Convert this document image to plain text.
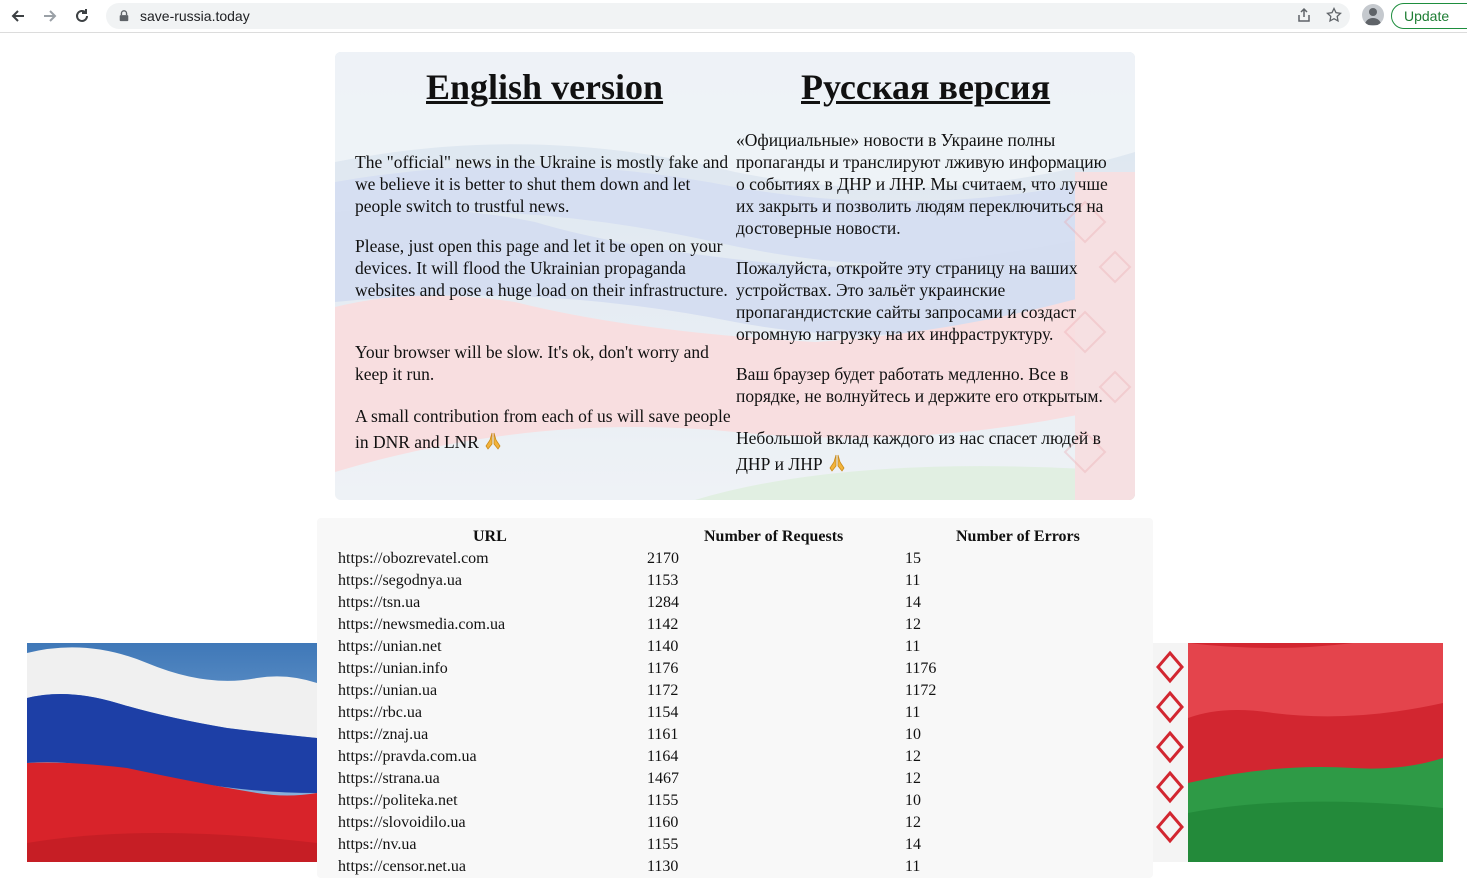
save-russia.today	Update
English version

The "official" news in the Ukraine is mostly fake and we believe it is better to shut them down and let people switch to trustful news.

Please, just open this page and let it be open on your devices. It will flood the Ukrainian propaganda websites and pose a huge load on their infrastructure.

Your browser will be slow. It's ok, don't worry and keep it run.

A small contribution from each of us will save people in DNR and LNR

Русская версия

«Официальные» новости в Украине полны пропаганды и транслируют лживую информацию о событиях в ДНР и ЛНР. Мы считаем, что лучше их закрыть и позволить людям переключиться на достоверные новости.

Пожалуйста, откройте эту страницу на ваших устройствах. Это зальёт украинские пропагандистские сайты запросами и создаст огромную нагрузку на их инфраструктуру.

Ваш браузер будет работать медленно. Все в порядке, не волнуйтесь и держите его открытым.

Небольшой вклад каждого из нас спасет людей в ДНР и ЛНР

URL	Number of Requests	Number of Errors
https://obozrevatel.com	2170	15
https://segodnya.ua	1153	11
https://tsn.ua	1284	14
https://newsmedia.com.ua	1142	12
https://unian.net	1140	11
https://unian.info	1176	1176
https://unian.ua	1172	1172
https://rbc.ua	1154	11
https://znaj.ua	1161	10
https://pravda.com.ua	1164	12
https://strana.ua	1467	12
https://politeka.net	1155	10
https://slovoidilo.ua	1160	12
https://nv.ua	1155	14
https://censor.net.ua	1130	11
